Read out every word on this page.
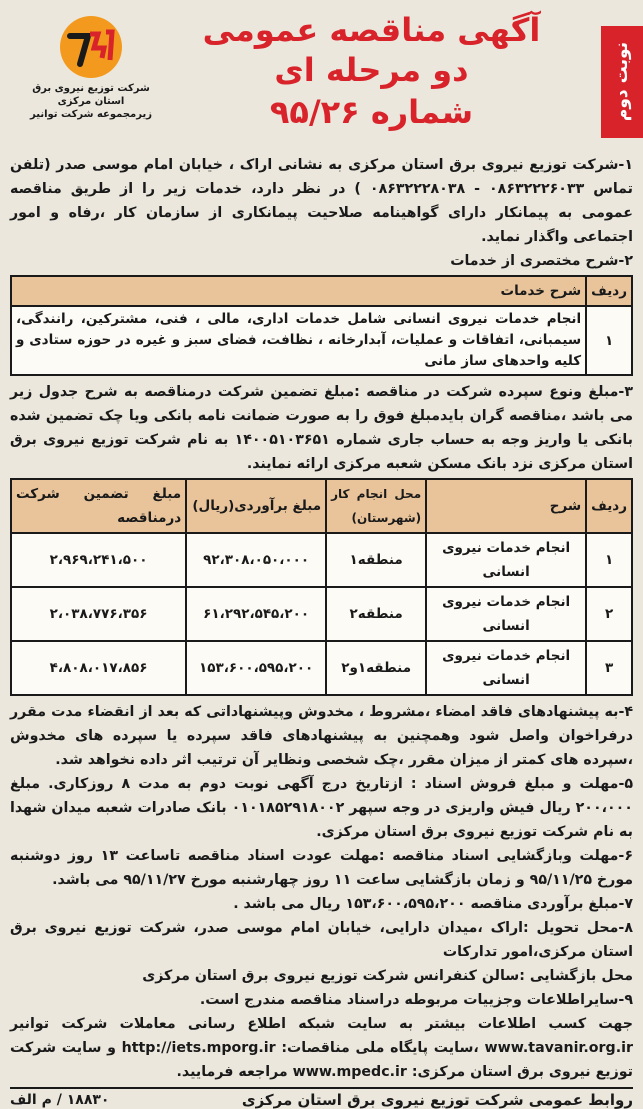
نوبت دوم
آگهی مناقصه عمومی
دو مرحله ای
شماره ۹۵/۲۶
شرکت توزیع نیروی برق استان مرکزی
زیرمجموعه شرکت توانیر

۱-شرکت توزیع نیروی برق استان مرکزی به نشانی اراک ، خیابان امام موسی صدر (تلفن تماس ۰۸۶۳۲۲۲۶۰۳۳ - ۰۸۶۳۲۲۲۸۰۳۸ ) در نظر دارد، خدمات زیر را از طریق مناقصه عمومی به پیمانکار دارای گواهینامه صلاحیت پیمانکاری از سازمان کار ،رفاه و امور اجتماعی واگذار نماید.

۲-شرح مختصری از خدمات

ردیف	شرح خدمات
۱	انجام خدمات نیروی انسانی شامل خدمات اداری، مالی ، فنی، مشترکین، رانندگی، سیمبانی، اتفاقات و عملیات، آبدارخانه ، نظافت، فضای سبز و غیره در حوزه ستادی و کلیه واحدهای ساز مانی

۳-مبلغ ونوع سپرده شرکت در مناقصه :مبلغ تضمین شرکت درمناقصه به شرح جدول زیر می باشد ،مناقصه گران بایدمبلغ فوق را به صورت ضمانت نامه بانکی ویا چک تضمین شده بانکی یا واریز وجه به حساب جاری شماره ۱۴۰۰۵۱۰۳۶۵۱ به نام شرکت توزیع نیروی برق استان مرکزی نزد بانک مسکن شعبه مرکزی ارائه نمایند.

ردیف	شرح	محل انجام کار (شهرستان)	مبلغ برآوردی(ریال)	مبلغ تضمین شرکت درمناقصه
۱	انجام خدمات نیروی انسانی	منطقه۱	۹۲،۳۰۸،۰۵۰،۰۰۰	۲،۹۶۹،۲۴۱،۵۰۰
۲	انجام خدمات نیروی انسانی	منطقه۲	۶۱،۲۹۲،۵۴۵،۲۰۰	۲،۰۳۸،۷۷۶،۳۵۶
۳	انجام خدمات نیروی انسانی	منطقه۱و۲	۱۵۳،۶۰۰،۵۹۵،۲۰۰	۴،۸۰۸،۰۱۷،۸۵۶

۴-به پیشنهادهای فاقد امضاء ،مشروط ، مخدوش وپیشنهاداتی که بعد از انقضاء مدت مقرر درفراخوان واصل شود وهمچنین به پیشنهادهای فاقد سپرده یا سپرده های مخدوش ،سپرده های کمتر از میزان مقرر ،چک شخصی ونظایر آن ترتیب اثر داده نخواهد شد.

۵-مهلت و مبلغ فروش اسناد : ازتاریخ درج آگهی نوبت دوم به مدت ۸ روزکاری. مبلغ ۲۰۰،۰۰۰ ریال فیش واریزی در وجه سپهر ۰۱۰۱۸۵۲۹۱۸۰۰۲ بانک صادرات شعبه میدان شهدا به نام شرکت توزیع نیروی برق استان مرکزی.

۶-مهلت وبازگشایی اسناد مناقصه :مهلت عودت اسناد مناقصه تاساعت ۱۳ روز دوشنبه مورخ ۹۵/۱۱/۲۵ و زمان بازگشایی ساعت ۱۱ روز چهارشنبه مورخ ۹۵/۱۱/۲۷ می باشد.

۷-مبلغ برآوردی مناقصه ۱۵۳،۶۰۰،۵۹۵،۲۰۰ ریال می باشد .

۸-محل تحویل :اراک ،میدان دارایی، خیابان امام موسی صدر، شرکت توزیع نیروی برق استان مرکزی،امور تدارکات

محل بازگشایی :سالن کنفرانس شرکت توزیع نیروی برق استان مرکزی

۹-سایراطلاعات وجزییات مربوطه دراسناد مناقصه مندرج است.

جهت کسب اطلاعات بیشتر به سایت شبکه اطلاع رسانی معاملات شرکت توانیر www.tavanir.org.ir ،سایت پایگاه ملی مناقصات: http://iets.mporg.ir و سایت شرکت توزیع نیروی برق استان مرکزی: www.mpedc.ir مراجعه فرمایید.

روابط عمومی شرکت توزیع نیروی برق استان مرکزی
۱۸۸۳۰ / م الف
